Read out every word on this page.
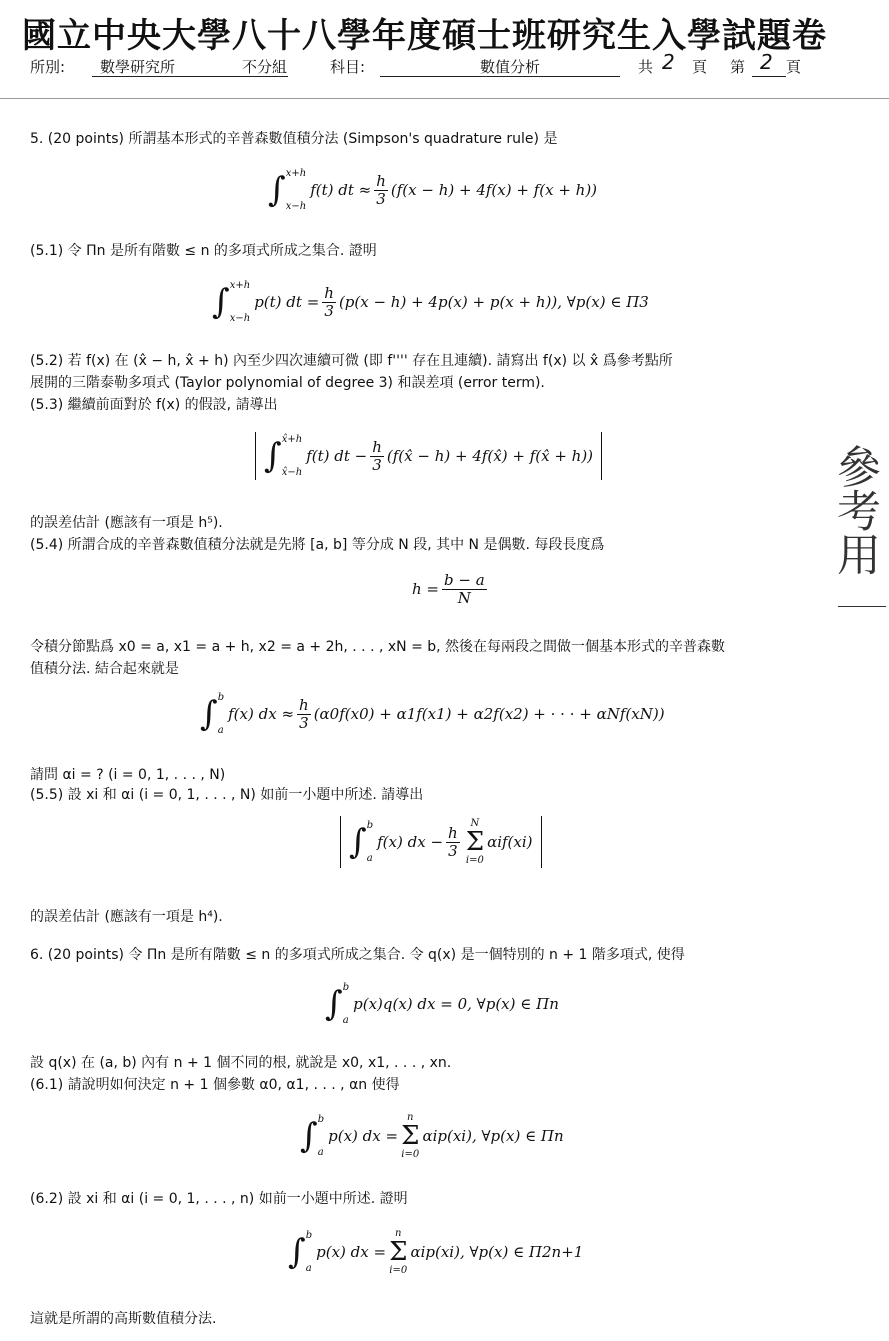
國立中央大學八十八學年度碩士班研究生入學試題卷
所別: 數學研究所	不分組	科目:	數值分析	共 2 頁 第 2 頁
5. (20 points) 所謂基本形式的辛普森數值積分法 (Simpson's quadrature rule) 是
∫ x+h
x−h
f(t) dt ≈ $\frac{h}{3} (f(x - h) + 4f(x) + f(x + h))$
(5.1) 令 Πn 是所有階數 ≤ n 的多項式所成之集合. 證明
∫ x+h
x−h
p(t) dt = $\frac{h}{3} (p(x - h) + 4p(x) + p(x + h))$, ∀p(x) ∈ Π3
(5.2) 若 f(x) 在 (x̂ − h, x̂ + h) 內至少四次連續可微 (即 f'''' 存在且連續). 請寫出 f(x) 以 x̂ 爲參考點所
展開的三階泰勒多項式 (Taylor polynomial of degree 3) 和誤差項 (error term).
(5.3) 繼續前面對於 f(x) 的假設, 請導出
∫ x̂+h
x̂−h
f(t) dt − $\frac{h}{3}$ (f(x̂ − h) + 4f(x̂) + f(x̂ + h))
的誤差估計 (應該有一項是 h⁵).
(5.4) 所謂合成的辛普森數值積分法就是先將 [a, b] 等分成 N 段, 其中 N 是偶數. 每段長度爲
$h = \frac{b - a}{N}$
令積分節點爲 x0 = a, x1 = a + h, x2 = a + 2h, . . . , xN = b, 然後在每兩段之間做一個基本形式的辛普森數
值積分法. 結合起來就是
∫ b
a
f(x) dx ≈ $\frac{h}{3} (\alpha 0f(x0) + \alpha 1f(x1) + \alpha 2f(x2)$ + · · · + αNf(xN))
請問 αi = ? (i = 0, 1, . . . , N)
(5.5) 設 xi 和 αi (i = 0, 1, . . . , N) 如前一小題中所述. 請導出
∫ b
a
f(x) dx − $\frac{h}{3}$
N
Σ
i=0
αif(xi)
的誤差估計 (應該有一項是 h⁴).
6. (20 points) 令 Πn 是所有階數 ≤ n 的多項式所成之集合. 令 q(x) 是一個特別的 n + 1 階多項式, 使得
∫ b
a
p(x)q(x) dx = 0, ∀p(x) ∈ Πn
設 q(x) 在 (a, b) 內有 n + 1 個不同的根, 就說是 x0, x1, . . . , xn.
(6.1) 請說明如何決定 n + 1 個參數 α0, α1, . . . , αn 使得
∫ b
a
p(x) dx =
n
Σ
i=0
αip(xi), ∀p(x) ∈ Πn
(6.2) 設 xi 和 αi (i = 0, 1, . . . , n) 如前一小題中所述. 證明
∫ b
a
p(x) dx =
n
Σ
i=0
αip(xi), ∀p(x) ∈ Π2n+1
這就是所謂的高斯數值積分法.
參考用
